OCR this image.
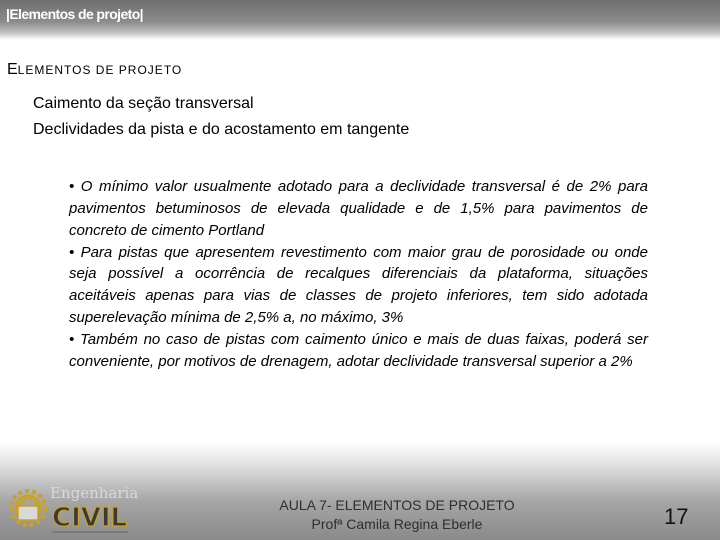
|Elementos de projeto|
ELEMENTOS DE PROJETO
Caimento da seção transversal
Declividades da pista e do acostamento em tangente

• O mínimo valor usualmente adotado para a declividade transversal é de 2% para pavimentos betuminosos de elevada qualidade e de 1,5% para pavimentos de concreto de cimento Portland

• Para pistas que apresentem revestimento com maior grau de porosidade ou onde seja possível a ocorrência de recalques diferenciais da plataforma, situações aceitáveis apenas para vias de classes de projeto inferiores, tem sido adotada superelevação mínima de 2,5% a, no máximo, 3%

• Também no caso de pistas com caimento único e mais de duas faixas, poderá ser conveniente, por motivos de drenagem, adotar declividade transversal superior a 2%

Engenharia
CIVIL	AULA 7- ELEMENTOS DE PROJETO
Profª Camila Regina Eberle	17
